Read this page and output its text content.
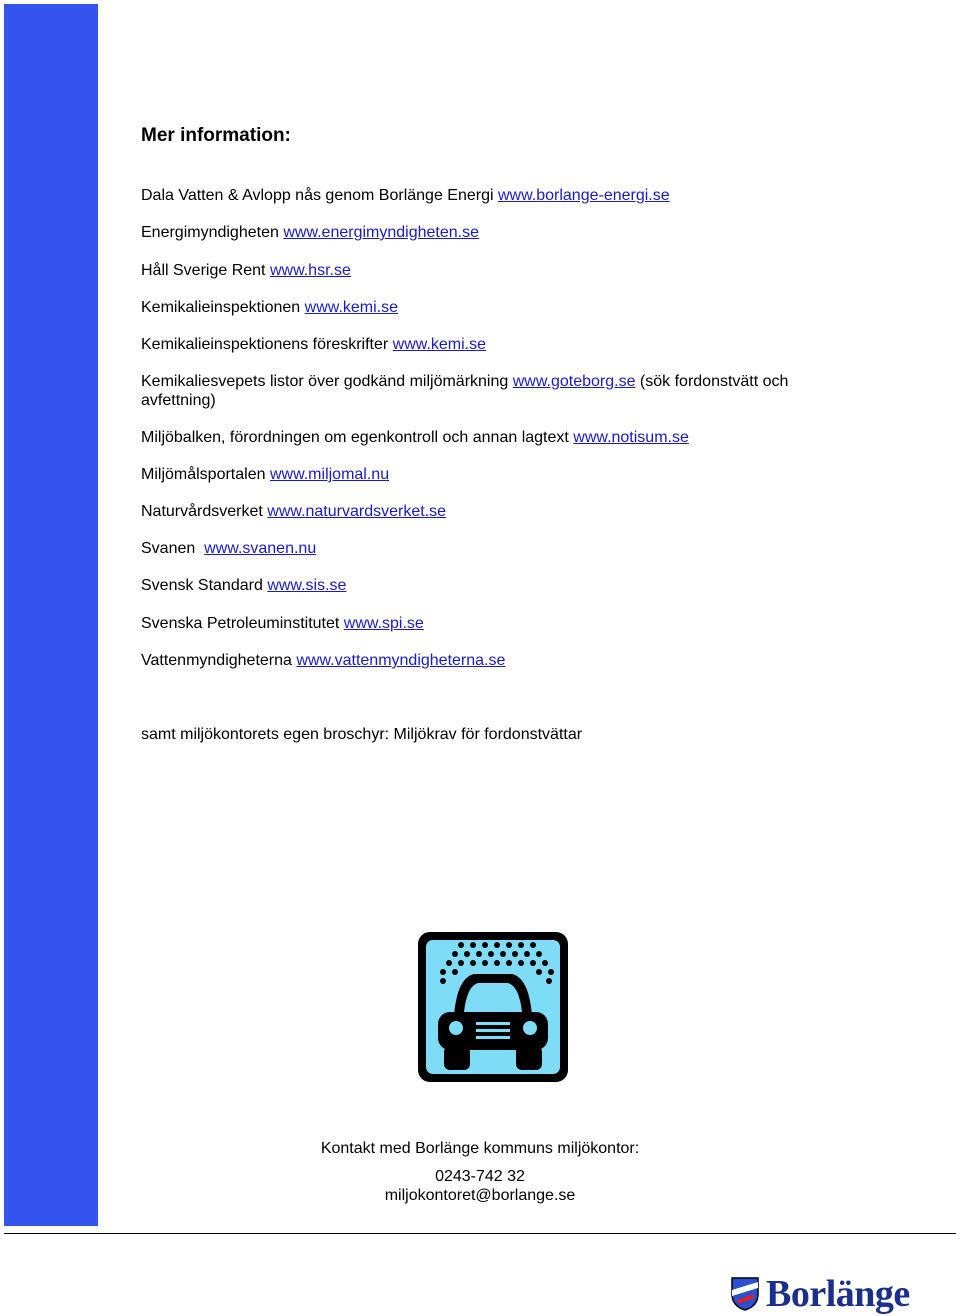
Mer information:
Dala Vatten & Avlopp nås genom Borlänge Energi www.borlange-energi.se
Energimyndigheten www.energimyndigheten.se
Håll Sverige Rent www.hsr.se
Kemikalieinspektionen www.kemi.se
Kemikalieinspektionens föreskrifter www.kemi.se
Kemikaliesvepets listor över godkänd miljömärkning www.goteborg.se (sök fordonstvätt och avfettning)
Miljöbalken, förordningen om egenkontroll och annan lagtext www.notisum.se
Miljömålsportalen www.miljomal.nu
Naturvårdsverket www.naturvardsverket.se
Svanen www.svanen.nu
Svensk Standard www.sis.se
Svenska Petroleuminstitutet www.spi.se
Vattenmyndigheterna www.vattenmyndigheterna.se
samt miljökontorets egen broschyr: Miljökrav för fordonstvättar
Kontakt med Borlänge kommuns miljökontor:
0243-742 32
miljokontoret@borlange.se
Borlänge
